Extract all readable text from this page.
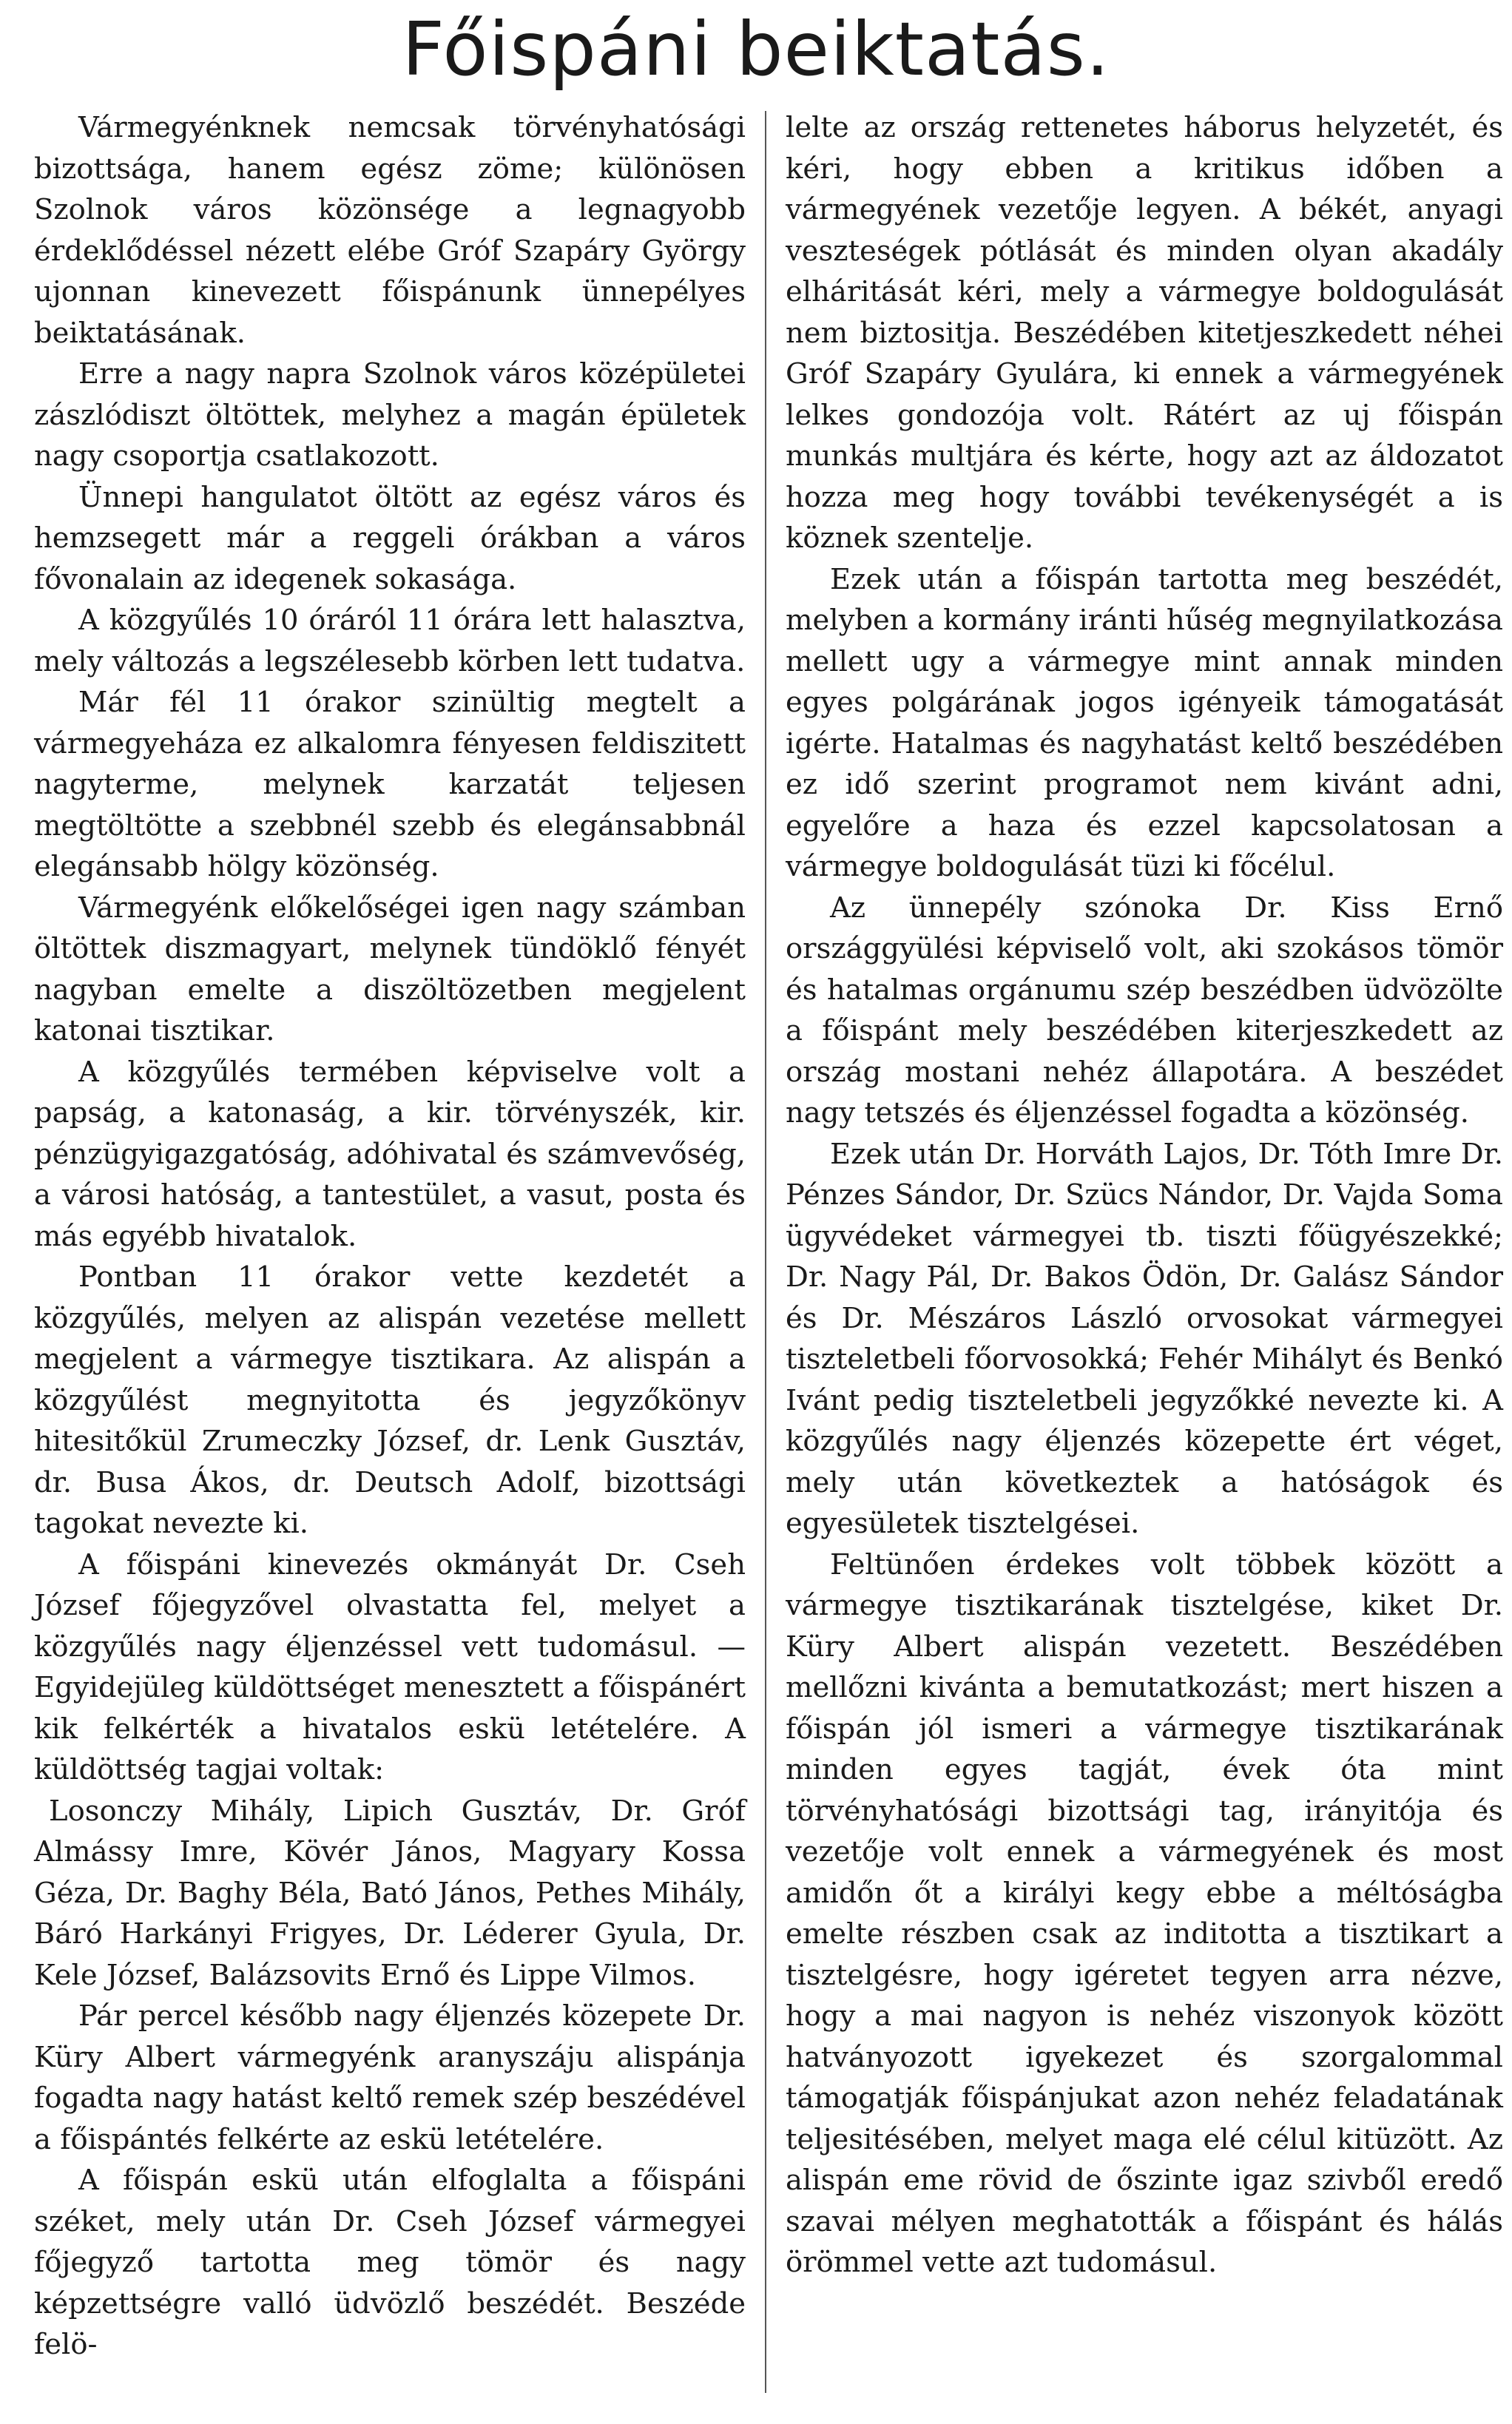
Főispáni beiktatás.

Vármegyénknek nemcsak törvényhatósági bizottsága, hanem egész zöme; különösen Szolnok város közönsége a legnagyobb érdeklődéssel nézett elébe Gróf Szapáry György ujonnan kinevezett főispánunk ünnepélyes beiktatásának.

Erre a nagy napra Szolnok város középületei zászlódiszt öltöttek, melyhez a magán épületek nagy csoportja csatlakozott.

Ünnepi hangulatot öltött az egész város és hemzsegett már a reggeli órákban a város fővonalain az idegenek sokasága.

A közgyűlés 10 óráról 11 órára lett halasztva, mely változás a legszélesebb körben lett tudatva.

Már fél 11 órakor szinültig megtelt a vármegyeháza ez alkalomra fényesen feldiszitett nagyterme, melynek karzatát teljesen megtöltötte a szebbnél szebb és elegánsabbnál elegánsabb hölgy közönség.

Vármegyénk előkelőségei igen nagy számban öltöttek diszmagyart, melynek tündöklő fényét nagyban emelte a diszöltözetben megjelent katonai tisztikar.

A közgyűlés termében képviselve volt a papság, a katonaság, a kir. törvényszék, kir. pénzügyigazgatóság, adóhivatal és számvevőség, a városi hatóság, a tantestület, a vasut, posta és más egyébb hivatalok.

Pontban 11 órakor vette kezdetét a közgyűlés, melyen az alispán vezetése mellett megjelent a vármegye tisztikara. Az alispán a közgyűlést megnyitotta és jegyzőkönyv hitesitőkül Zrumeczky József, dr. Lenk Gusztáv, dr. Busa Ákos, dr. Deutsch Adolf, bizottsági tagokat nevezte ki.

A főispáni kinevezés okmányát Dr. Cseh József főjegyzővel olvastatta fel, melyet a közgyűlés nagy éljenzéssel vett tudomásul. — Egyidejüleg küldöttséget menesztett a főispánért kik felkérték a hivatalos eskü letételére. A küldöttség tagjai voltak:

Losonczy Mihály, Lipich Gusztáv, Dr. Gróf Almássy Imre, Kövér János, Magyary Kossa Géza, Dr. Baghy Béla, Bató János, Pethes Mihály, Báró Harkányi Frigyes, Dr. Léderer Gyula, Dr. Kele József, Balázsovits Ernő és Lippe Vilmos.

Pár percel később nagy éljenzés közepete Dr. Küry Albert vármegyénk aranyszáju alispánja fogadta nagy hatást keltő remek szép beszédével a főispántés felkérte az eskü letételére.

A főispán eskü után elfoglalta a főispáni széket, mely után Dr. Cseh József vármegyei főjegyző tartotta meg tömör és nagy képzettségre valló üdvözlő beszédét. Beszéde felö-

lelte az ország rettenetes háborus helyzetét, és kéri, hogy ebben a kritikus időben a vármegyének vezetője legyen. A békét, anyagi veszteségek pótlását és minden olyan akadály elháritását kéri, mely a vármegye boldogulását nem biztositja. Beszédében kitetjeszkedett néhei Gróf Szapáry Gyulára, ki ennek a vármegyének lelkes gondozója volt. Rátért az uj főispán munkás multjára és kérte, hogy azt az áldozatot hozza meg hogy további tevékenységét a is köznek szentelje.

Ezek után a főispán tartotta meg beszédét, melyben a kormány iránti hűség megnyilatkozása mellett ugy a vármegye mint annak minden egyes polgárának jogos igényeik támogatását igérte. Hatalmas és nagyhatást keltő beszédében ez idő szerint programot nem kivánt adni, egyelőre a haza és ezzel kapcsolatosan a vármegye boldogulását tüzi ki főcélul.

Az ünnepély szónoka Dr. Kiss Ernő országgyülési képviselő volt, aki szokásos tömör és hatalmas orgánumu szép beszédben üdvözölte a főispánt mely beszédében kiterjeszkedett az ország mostani nehéz állapotára. A beszédet nagy tetszés és éljenzéssel fogadta a közönség.

Ezek után Dr. Horváth Lajos, Dr. Tóth Imre Dr. Pénzes Sándor, Dr. Szücs Nándor, Dr. Vajda Soma ügyvédeket vármegyei tb. tiszti főügyészekké; Dr. Nagy Pál, Dr. Bakos Ödön, Dr. Galász Sándor és Dr. Mészáros László orvosokat vármegyei tiszteletbeli főorvosokká; Fehér Mihályt és Benkó Ivánt pedig tiszteletbeli jegyzőkké nevezte ki. A közgyűlés nagy éljenzés közepette ért véget, mely után következtek a hatóságok és egyesületek tisztelgései.

Feltünően érdekes volt többek között a vármegye tisztikarának tisztelgése, kiket Dr. Küry Albert alispán vezetett. Beszédében mellőzni kivánta a bemutatkozást; mert hiszen a főispán jól ismeri a vármegye tisztikarának minden egyes tagját, évek óta mint törvényhatósági bizottsági tag, irányitója és vezetője volt ennek a vármegyének és most amidőn őt a királyi kegy ebbe a méltóságba emelte részben csak az inditotta a tisztikart a tisztelgésre, hogy igéretet tegyen arra nézve, hogy a mai nagyon is nehéz viszonyok között hatványozott igyekezet és szorgalommal támogatják főispánjukat azon nehéz feladatának teljesitésében, melyet maga elé célul kitüzött. Az alispán eme rövid de őszinte igaz szivből eredő szavai mélyen meghatották a főispánt és hálás örömmel vette azt tudomásul.
